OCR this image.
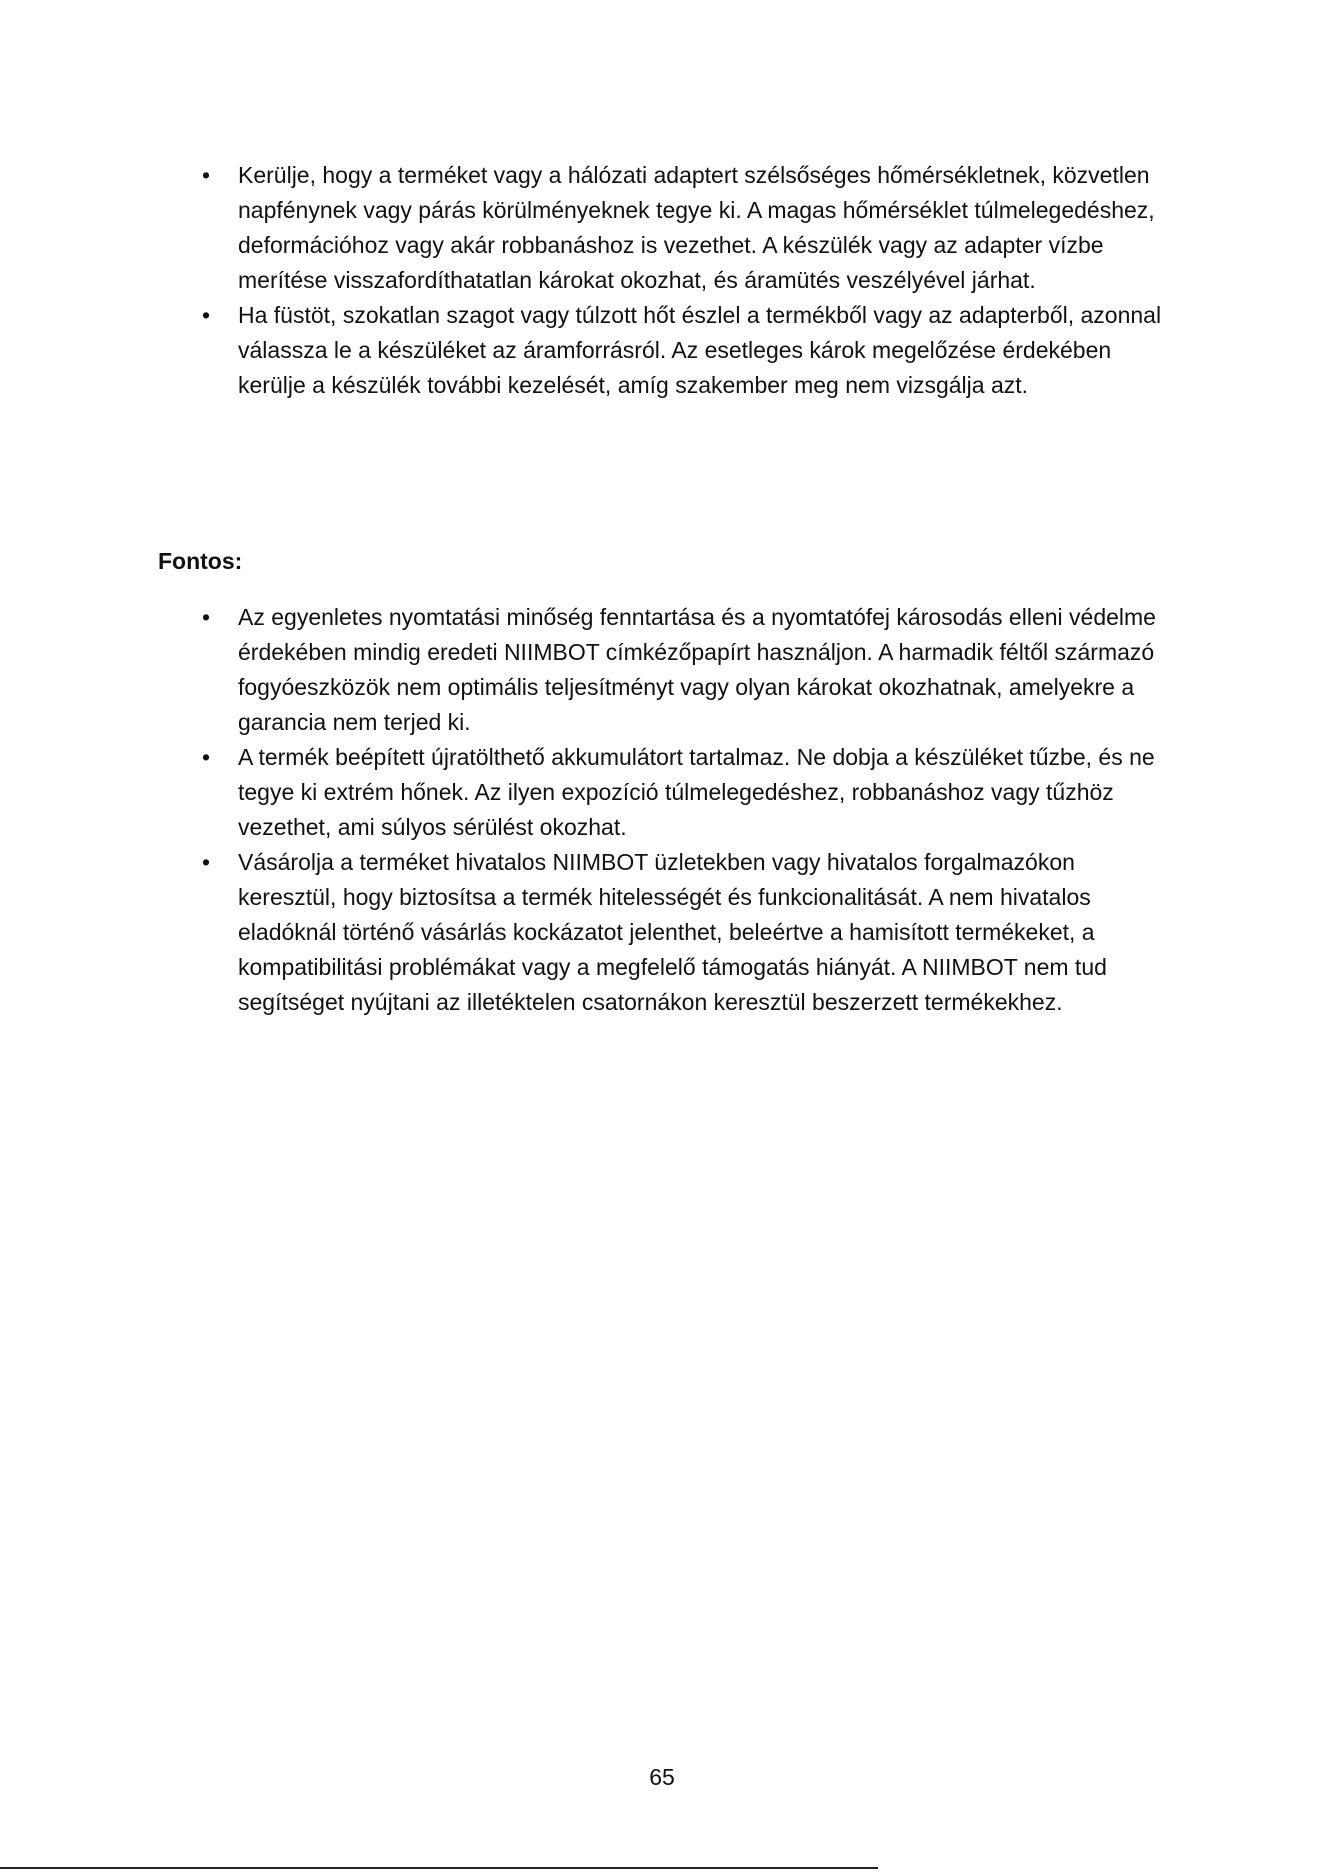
•	Kerülje, hogy a terméket vagy a hálózati adaptert szélsőséges hőmérsékletnek, közvetlen napfénynek vagy párás körülményeknek tegye ki. A magas hőmérséklet túlmelegedéshez, deformációhoz vagy akár robbanáshoz is vezethet. A készülék vagy az adapter vízbe merítése visszafordíthatatlan károkat okozhat, és áramütés veszélyével járhat.
•	Ha füstöt, szokatlan szagot vagy túlzott hőt észlel a termékből vagy az adapterből, azonnal válassza le a készüléket az áramforrásról. Az esetleges károk megelőzése érdekében kerülje a készülék további kezelését, amíg szakember meg nem vizsgálja azt.
Fontos:
•	Az egyenletes nyomtatási minőség fenntartása és a nyomtatófej károsodás elleni védelme érdekében mindig eredeti NIIMBOT címkézőpapírt használjon. A harmadik féltől származó fogyóeszközök nem optimális teljesítményt vagy olyan károkat okozhatnak, amelyekre a garancia nem terjed ki.
•	A termék beépített újratölthető akkumulátort tartalmaz. Ne dobja a készüléket tűzbe, és ne tegye ki extrém hőnek. Az ilyen expozíció túlmelegedéshez, robbanáshoz vagy tűzhöz vezethet, ami súlyos sérülést okozhat.
•	Vásárolja a terméket hivatalos NIIMBOT üzletekben vagy hivatalos forgalmazókon keresztül, hogy biztosítsa a termék hitelességét és funkcionalitását. A nem hivatalos eladóknál történő vásárlás kockázatot jelenthet, beleértve a hamisított termékeket, a kompatibilitási problémákat vagy a megfelelő támogatás hiányát. A NIIMBOT nem tud segítséget nyújtani az illetéktelen csatornákon keresztül beszerzett termékekhez.
65
